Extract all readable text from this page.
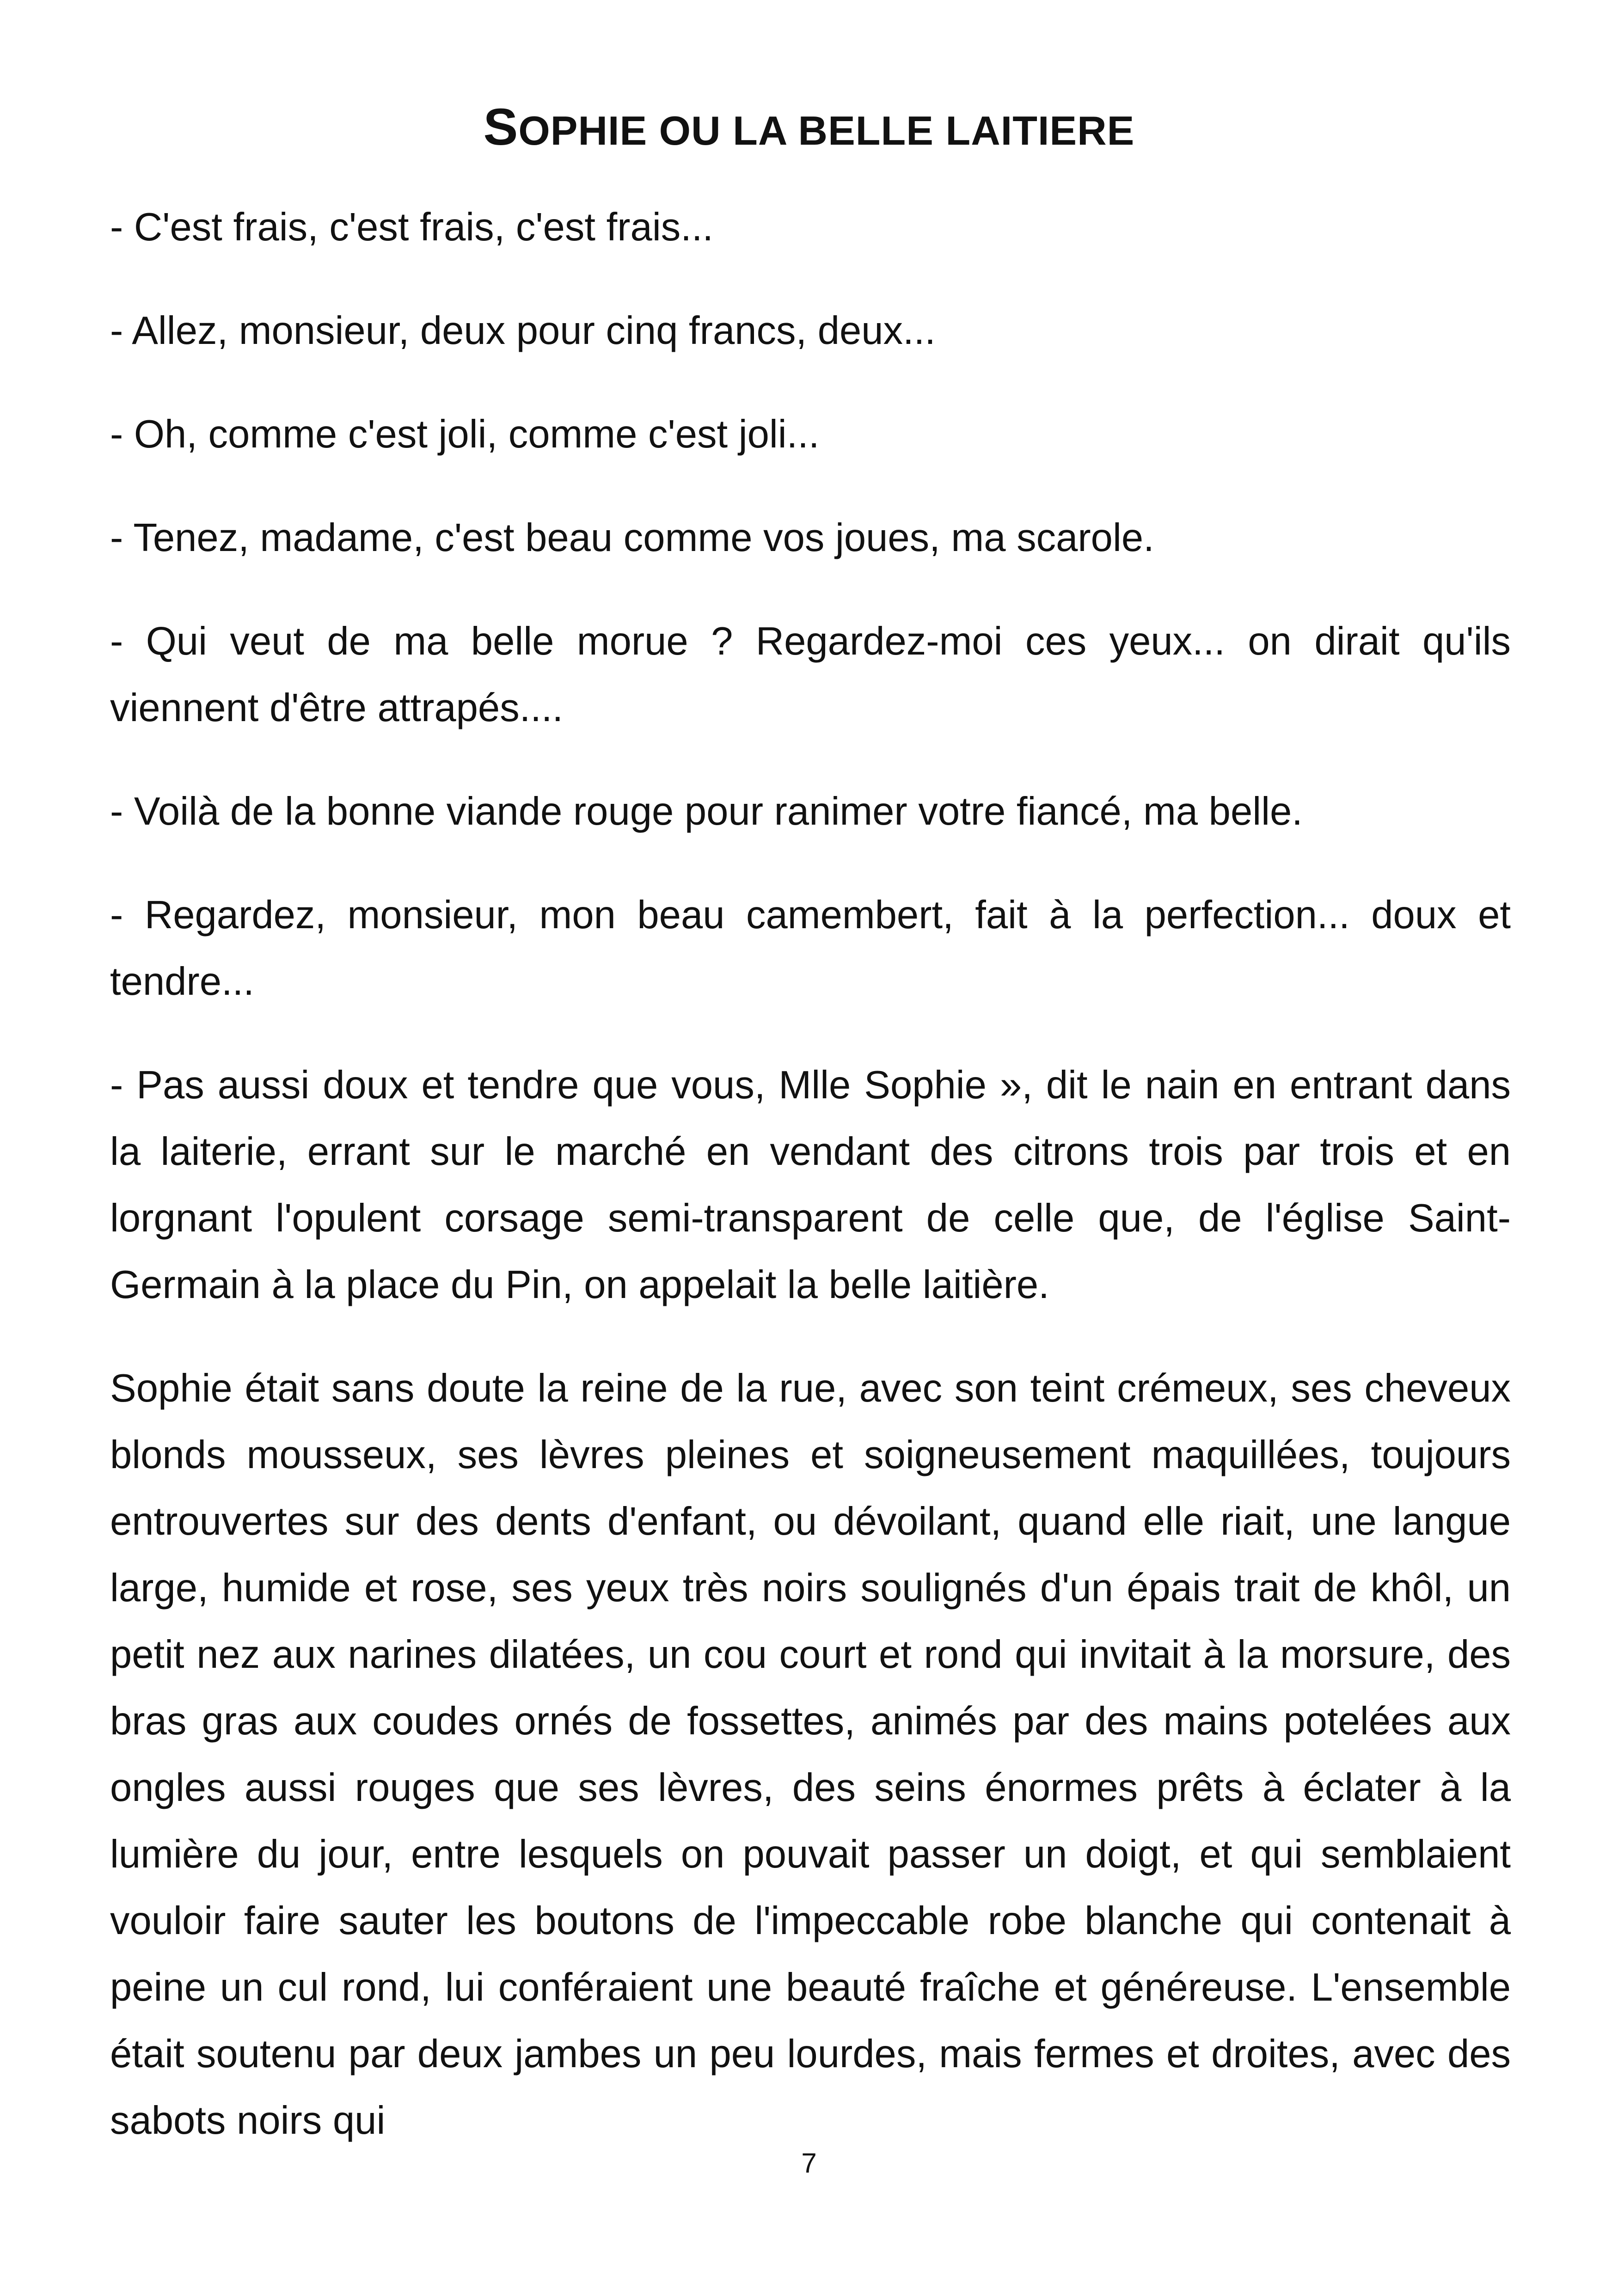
SOPHIE OU LA BELLE LAITIERE

- C'est frais, c'est frais, c'est frais...

- Allez, monsieur, deux pour cinq francs, deux...

- Oh, comme c'est joli, comme c'est joli...

- Tenez, madame, c'est beau comme vos joues, ma scarole.

- Qui veut de ma belle morue ? Regardez-moi ces yeux... on dirait qu'ils viennent d'être attrapés....

- Voilà de la bonne viande rouge pour ranimer votre fiancé, ma belle.

- Regardez, monsieur, mon beau camembert, fait à la perfection... doux et tendre...

- Pas aussi doux et tendre que vous, Mlle Sophie », dit le nain en entrant dans la laiterie, errant sur le marché en vendant des citrons trois par trois et en lorgnant l'opulent corsage semi-transparent de celle que, de l'église Saint-Germain à la place du Pin, on appelait la belle laitière.

Sophie était sans doute la reine de la rue, avec son teint crémeux, ses cheveux blonds mousseux, ses lèvres pleines et soigneusement maquillées, toujours entrouvertes sur des dents d'enfant, ou dévoilant, quand elle riait, une langue large, humide et rose, ses yeux très noirs soulignés d'un épais trait de khôl, un petit nez aux narines dilatées, un cou court et rond qui invitait à la morsure, des bras gras aux coudes ornés de fossettes, animés par des mains potelées aux ongles aussi rouges que ses lèvres, des seins énormes prêts à éclater à la lumière du jour, entre lesquels on pouvait passer un doigt, et qui semblaient vouloir faire sauter les boutons de l'impeccable robe blanche qui contenait à peine un cul rond, lui conféraient une beauté fraîche et généreuse. L'ensemble était soutenu par deux jambes un peu lourdes, mais fermes et droites, avec des sabots noirs qui

7
